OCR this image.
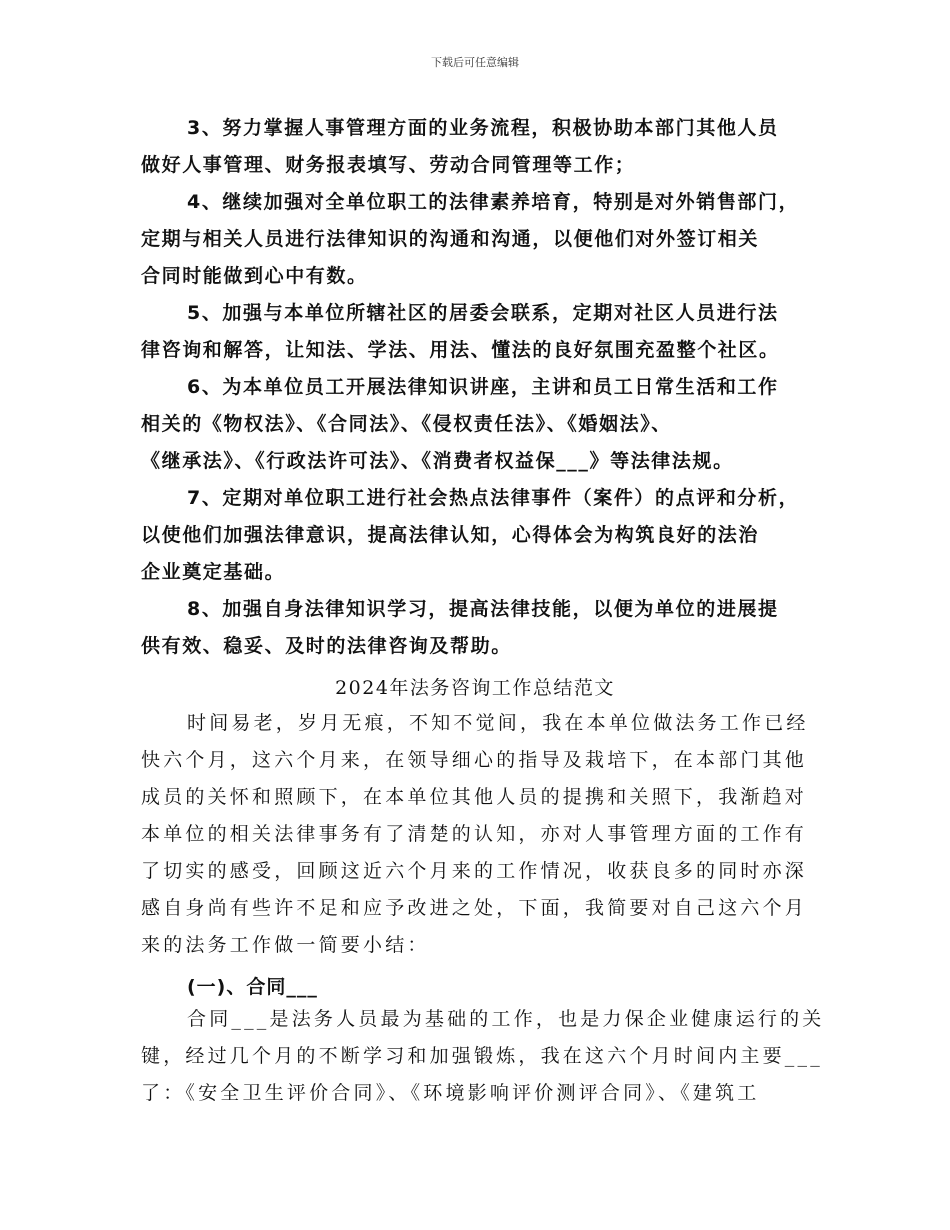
下载后可任意编辑
3、努力掌握人事管理方面的业务流程，积极协助本部门其他人员
做好人事管理、财务报表填写、劳动合同管理等工作；
4、继续加强对全单位职工的法律素养培育，特别是对外销售部门，
定期与相关人员进行法律知识的沟通和沟通，以便他们对外签订相关
合同时能做到心中有数。
5、加强与本单位所辖社区的居委会联系，定期对社区人员进行法
律咨询和解答，让知法、学法、用法、懂法的良好氛围充盈整个社区。
6、为本单位员工开展法律知识讲座，主讲和员工日常生活和工作
相关的《物权法》、《合同法》、《侵权责任法》、《婚姻法》、
《继承法》、《行政法许可法》、《消费者权益保___》等法律法规。
7、定期对单位职工进行社会热点法律事件（案件）的点评和分析，
以使他们加强法律意识，提高法律认知，心得体会为构筑良好的法治
企业奠定基础。
8、加强自身法律知识学习，提高法律技能，以便为单位的进展提
供有效、稳妥、及时的法律咨询及帮助。
2024年法务咨询工作总结范文
时间易老，岁月无痕，不知不觉间，我在本单位做法务工作已经
快六个月，这六个月来，在领导细心的指导及栽培下，在本部门其他
成员的关怀和照顾下，在本单位其他人员的提携和关照下，我渐趋对
本单位的相关法律事务有了清楚的认知，亦对人事管理方面的工作有
了切实的感受，回顾这近六个月来的工作情况，收获良多的同时亦深
感自身尚有些许不足和应予改进之处，下面，我简要对自己这六个月
来的法务工作做一简要小结：
(一)、合同___
合同___是法务人员最为基础的工作，也是力保企业健康运行的关
键，经过几个月的不断学习和加强锻炼，我在这六个月时间内主要___
了：《安全卫生评价合同》、《环境影响评价测评合同》、《建筑工
